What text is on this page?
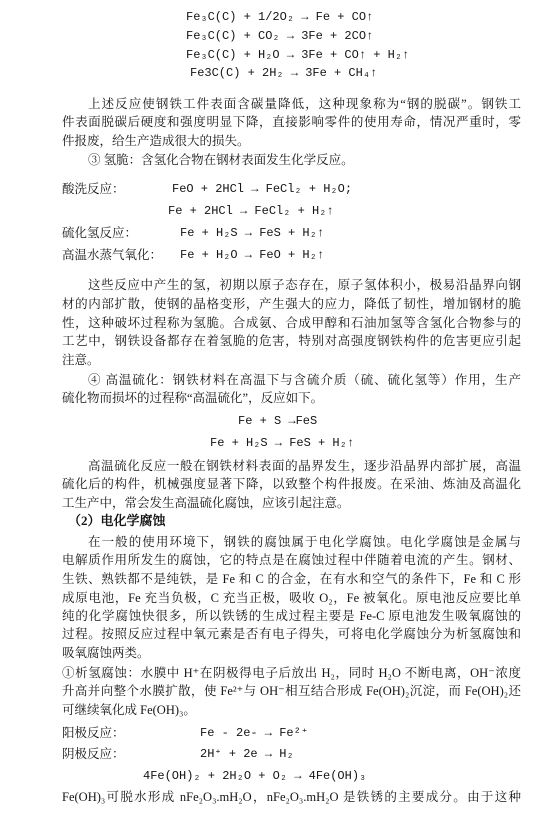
Fe₃C(C) + 1/2O₂ → Fe + CO↑
Fe₃C(C) + CO₂ → 3Fe + 2CO↑
Fe₃C(C) + H₂O → 3Fe + CO↑ + H₂↑
Fe3C(C) + 2H₂ → 3Fe + CH₄↑
上述反应使钢铁工件表面含碳量降低，这种现象称为“钢的脱碳”。钢铁工
件表面脱碳后硬度和强度明显下降，直接影响零件的使用寿命，情况严重时，零
件报废，给生产造成很大的损失。
③ 氢脆：含氢化合物在钢材表面发生化学反应。
酸洗反应：	FeO + 2HCl → FeCl₂ + H₂O;
Fe + 2HCl → FeCl₂ + H₂↑
硫化氢反应：	Fe + H₂S → FeS + H₂↑
高温水蒸气氧化： Fe + H₂O → FeO + H₂↑
这些反应中产生的氢，初期以原子态存在，原子氢体积小，极易沿晶界向钢
材的内部扩散，使钢的晶格变形，产生强大的应力，降低了韧性，增加钢材的脆
性，这种破坏过程称为氢脆。合成氨、合成甲醇和石油加氢等含氢化合物参与的
工艺中，钢铁设备都存在着氢脆的危害，特别对高强度钢铁构件的危害更应引起
注意。
④ 高温硫化：钢铁材料在高温下与含硫介质（硫、硫化氢等）作用，生产
硫化物而损坏的过程称“高温硫化”，反应如下。
Fe + S →FeS
Fe + H₂S → FeS + H₂↑
高温硫化反应一般在钢铁材料表面的晶界发生，逐步沿晶界内部扩展，高温
硫化后的构件，机械强度显著下降，以致整个构件报废。在采油、炼油及高温化
工生产中，常会发生高温硫化腐蚀，应该引起注意。
（2）电化学腐蚀
在一般的使用环境下，钢铁的腐蚀属于电化学腐蚀。电化学腐蚀是金属与
电解质作用所发生的腐蚀，它的特点是在腐蚀过程中伴随着电流的产生。钢材、
生铁、熟铁都不是纯铁，是 Fe 和 C 的合金，在有水和空气的条件下，Fe 和 C 形
成原电池，Fe 充当负极，C 充当正极，吸收 O₂，Fe 被氧化。原电池反应要比单
纯的化学腐蚀快很多，所以铁锈的生成过程主要是 Fe-C 原电池发生吸氧腐蚀的
过程。按照反应过程中氧元素是否有电子得失，可将电化学腐蚀分为析氢腐蚀和
吸氧腐蚀两类。
①析氢腐蚀：水膜中 H⁺在阴极得电子后放出 H₂，同时 H₂O 不断电离，OH⁻浓度
升高并向整个水膜扩散，使 Fe²⁺与 OH⁻相互结合形成 Fe(OH)₂沉淀，而 Fe(OH)₂还
可继续氧化成 Fe(OH)₃。
阳极反应：	Fe - 2e- → Fe²⁺
阴极反应：	2H⁺ + 2e → H₂
4Fe(OH)₂ + 2H₂O + O₂ → 4Fe(OH)₃
Fe(OH)₃可脱水形成 nFe₂O₃.mH₂O，nFe₂O₃.mH₂O 是铁锈的主要成分。由于这种
